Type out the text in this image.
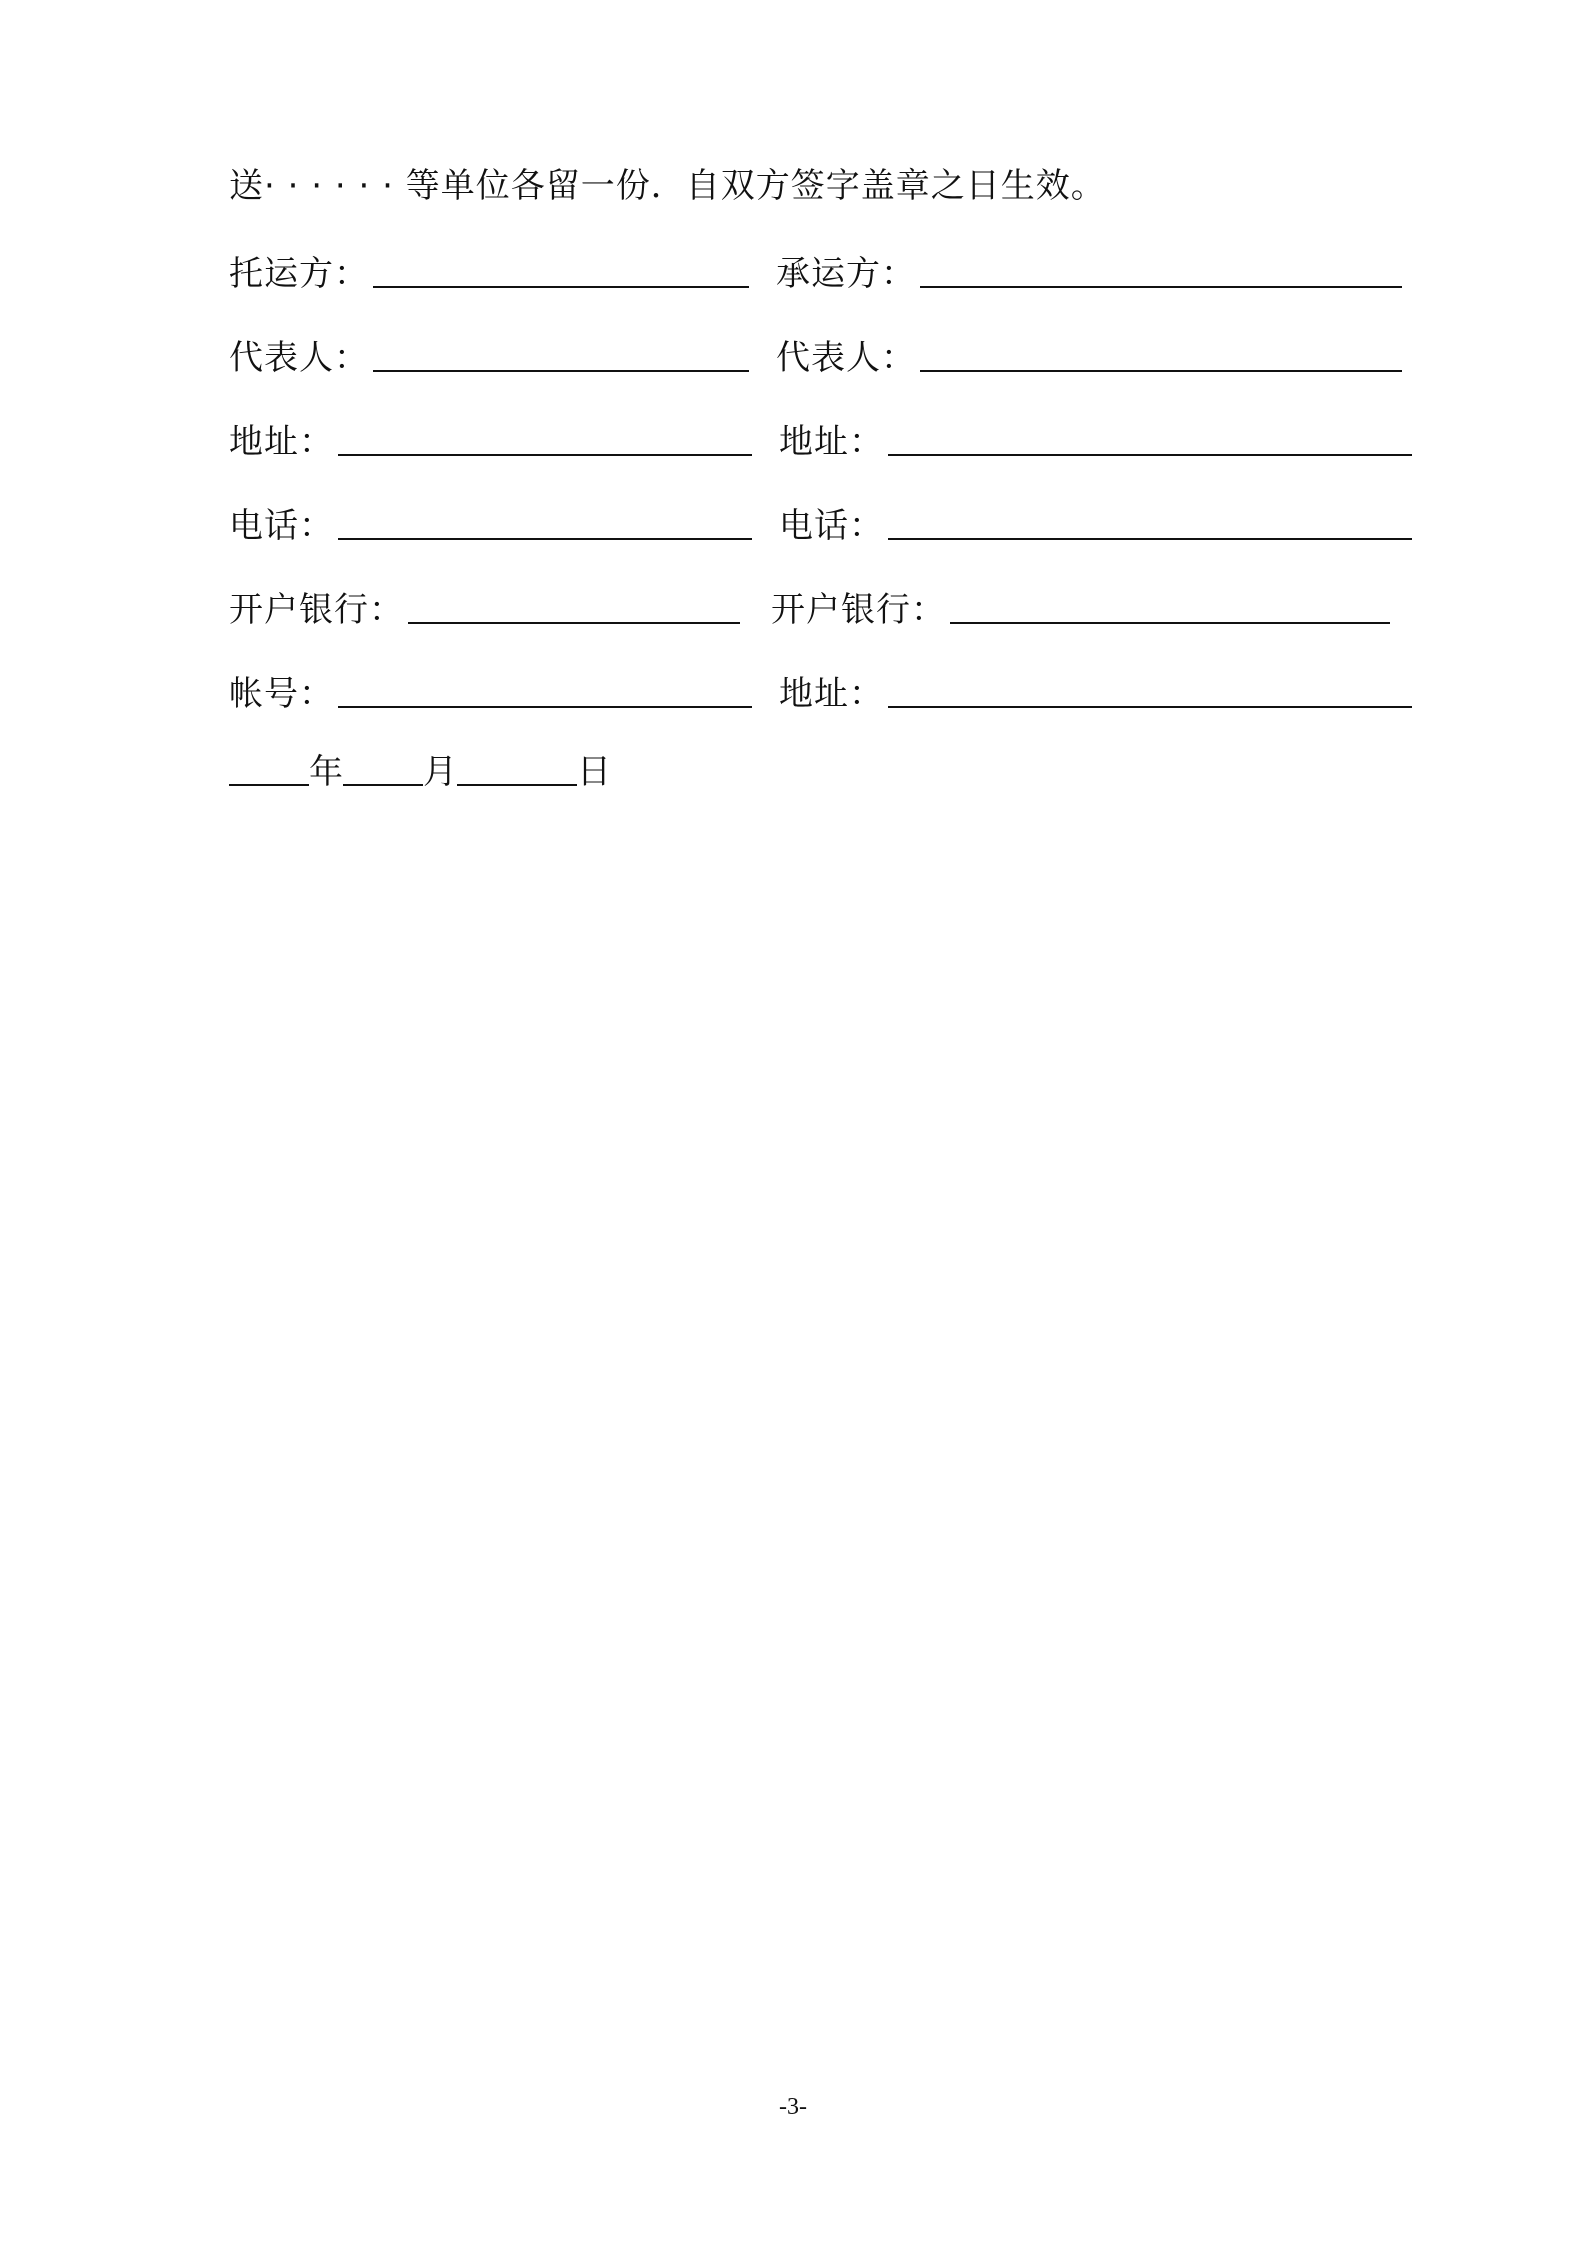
送· · · · · · 等单位各留一份．自双方签字盖章之日生效。
托运方：	承运方：
代表人：	代表人：
地址：	地址：
电话：	电话：
开户银行：	开户银行：
帐号：	地址：
年 月	日
-3-
